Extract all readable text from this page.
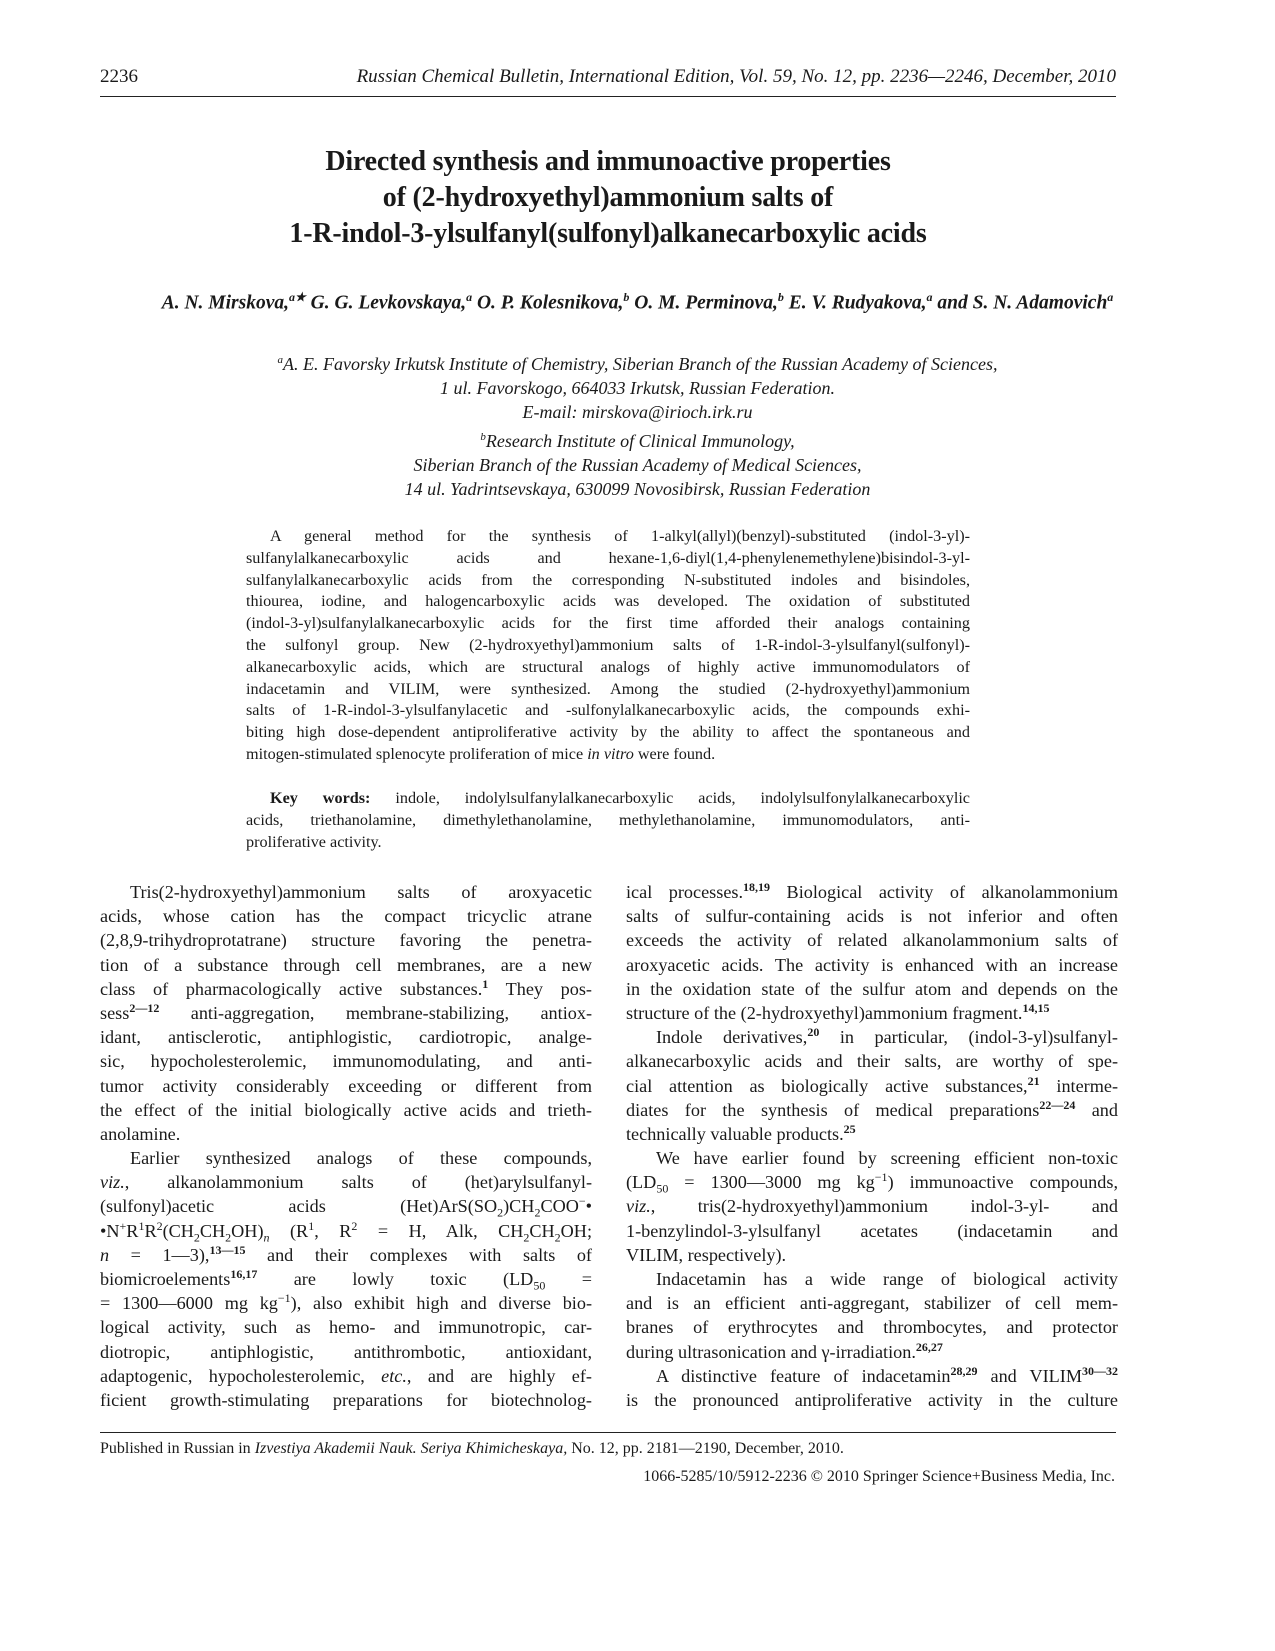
2236	Russian Chemical Bulletin, International Edition, Vol. 59, No. 12, pp. 2236—2246, December, 2010
Directed synthesis and immunoactive properties
of (2-hydroxyethyl)ammonium salts of
1-R-indol-3-ylsulfanyl(sulfonyl)alkanecarboxylic acids
A. N. Mirskova,$^{a★}$ G. G. Levkovskaya,$^a$ O. P. Kolesnikova,$^b$ O. M. Perminova,$^b$ E. V. Rudyakova,$^a$ and S. N. Adamovich$^a$
$^a$A. E. Favorsky Irkutsk Institute of Chemistry, Siberian Branch of the Russian Academy of Sciences,
1 ul. Favorskogo, 664033 Irkutsk, Russian Federation.
E-mail: mirskova@irioch.irk.ru
$^b$Research Institute of Clinical Immunology,
Siberian Branch of the Russian Academy of Medical Sciences,
14 ul. Yadrintsevskaya, 630099 Novosibirsk, Russian Federation
A general method for the synthesis of 1-alkyl(allyl)(benzyl)-substituted (indol-3-yl)-
sulfanylalkanecarboxylic acids and hexane-1,6-diyl(1,4-phenylenemethylene)bisindol-3-yl-
sulfanylalkanecarboxylic acids from the corresponding N-substituted indoles and bisindoles,
thiourea, iodine, and halogencarboxylic acids was developed. The oxidation of substituted
(indol-3-yl)sulfanylalkanecarboxylic acids for the first time afforded their analogs containing
the sulfonyl group. New (2-hydroxyethyl)ammonium salts of 1-R-indol-3-ylsulfanyl(sulfonyl)-
alkanecarboxylic acids, which are structural analogs of highly active immunomodulators of
indacetamin and VILIM, were synthesized. Among the studied (2-hydroxyethyl)ammonium
salts of 1-R-indol-3-ylsulfanylacetic and -sulfonylalkanecarboxylic acids, the compounds exhi-
biting high dose-dependent antiproliferative activity by the ability to affect the spontaneous and
mitogen-stimulated splenocyte proliferation of mice in vitro were found.
Key words: indole, indolylsulfanylalkanecarboxylic acids, indolylsulfonylalkanecarboxylic
acids, triethanolamine, dimethylethanolamine, methylethanolamine, immunomodulators, anti-
proliferative activity.
Tris(2-hydroxyethyl)ammonium salts of aroxyacetic
acids, whose cation has the compact tricyclic atrane
(2,8,9-trihydroprotatrane) structure favoring the penetra-
tion of a substance through cell membranes, are a new
class of pharmacologically active substances.$^1$ They pos-
sess$^{2—12}$ anti-aggregation, membrane-stabilizing, antiox-
idant, antisclerotic, antiphlogistic, cardiotropic, analge-
sic, hypocholesterolemic, immunomodulating, and anti-
tumor activity considerably exceeding or different from
the effect of the initial biologically active acids and trieth-
anolamine.
Earlier synthesized analogs of these compounds,
viz., alkanolammonium salts of (het)arylsulfanyl-
(sulfonyl)acetic acids $(Het)ArS(SO_2)CH_2COO^-•$
$•N^+R^1R^2(CH_2CH_2OH)_n$ ($R^1$, $R^2 = H$, Alk, $CH_2CH_2OH$;
n = 1—3),$^{13—15}$ and their complexes with salts of
biomicroelements$^{16,17}$ are lowly toxic ($LD_{50}$ =
= 1300—6000 mg $kg^{-1}$), also exhibit high and diverse bio-
logical activity, such as hemo- and immunotropic, car-
diotropic, antiphlogistic, antithrombotic, antioxidant,
adaptogenic, hypocholesterolemic, etc., and are highly ef-
ficient growth-stimulating preparations for biotechnolog-
ical processes.$^{18,19}$ Biological activity of alkanolammonium
salts of sulfur-containing acids is not inferior and often
exceeds the activity of related alkanolammonium salts of
aroxyacetic acids. The activity is enhanced with an increase
in the oxidation state of the sulfur atom and depends on the
structure of the (2-hydroxyethyl)ammonium fragment.$^{14,15}$
Indole derivatives,$^{20}$ in particular, (indol-3-yl)sulfanyl-
alkanecarboxylic acids and their salts, are worthy of spe-
cial attention as biologically active substances,$^{21}$ interme-
diates for the synthesis of medical preparations$^{22—24}$ and
technically valuable products.$^{25}$
We have earlier found by screening efficient non-toxic
($LD_{50}$ = 1300—3000 mg $kg^{-1}$) immunoactive compounds,
viz., tris(2-hydroxyethyl)ammonium indol-3-yl- and
1-benzylindol-3-ylsulfanyl acetates (indacetamin and
VILIM, respectively).
Indacetamin has a wide range of biological activity
and is an efficient anti-aggregant, stabilizer of cell mem-
branes of erythrocytes and thrombocytes, and protector
during ultrasonication and γ-irradiation.$^{26,27}$
A distinctive feature of indacetamin$^{28,29}$ and $VILIM^{30—32}$
is the pronounced antiproliferative activity in the culture
Published in Russian in Izvestiya Akademii Nauk. Seriya Khimicheskaya, No. 12, pp. 2181—2190, December, 2010.
1066-5285/10/5912-2236 © 2010 Springer Science+Business Media, Inc.
